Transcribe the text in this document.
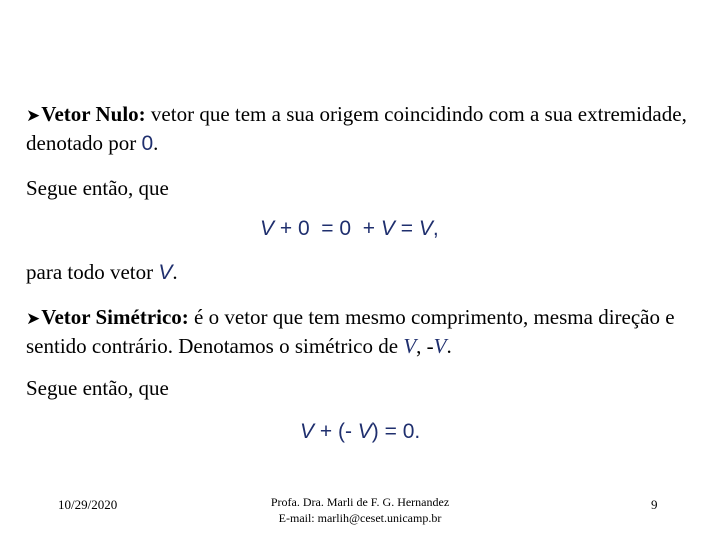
➤Vetor Nulo: vetor que tem a sua origem coincidindo com a sua extremidade, denotado por 0.
Segue então, que
V + 0  = 0  + V = V,
para todo vetor V.
➤Vetor Simétrico: é o vetor que tem mesmo comprimento, mesma direção e sentido contrário. Denotamos o simétrico de V, -V.
Segue então, que
V + (- V) = 0.
10/29/2020	Profa. Dra. Marli de F. G. Hernandez
E-mail: marlih@ceset.unicamp.br
9
